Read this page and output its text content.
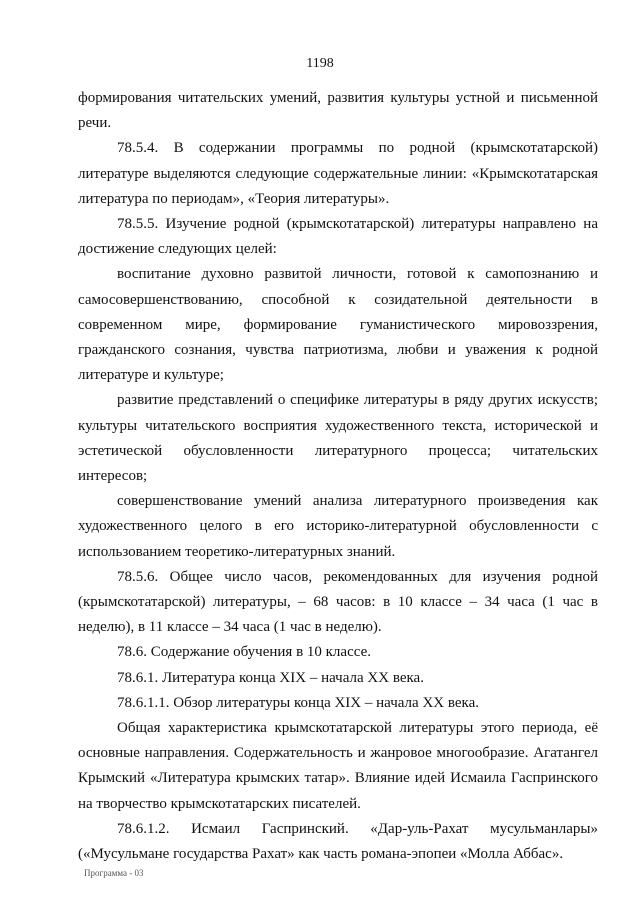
1198

формирования читательских умений, развития культуры устной и письменной речи.

78.5.4. В содержании программы по родной (крымскотатарской) литературе выделяются следующие содержательные линии: «Крымскотатарская литература по периодам», «Теория литературы».

78.5.5. Изучение родной (крымскотатарской) литературы направлено на достижение следующих целей:

воспитание духовно развитой личности, готовой к самопознанию и самосовершенствованию, способной к созидательной деятельности в современном мире, формирование гуманистического мировоззрения, гражданского сознания, чувства патриотизма, любви и уважения к родной литературе и культуре;

развитие представлений о специфике литературы в ряду других искусств; культуры читательского восприятия художественного текста, исторической и эстетической обусловленности литературного процесса; читательских интересов;

совершенствование умений анализа литературного произведения как художественного целого в его историко-литературной обусловленности с использованием теоретико-литературных знаний.

78.5.6. Общее число часов, рекомендованных для изучения родной (крымскотатарской) литературы, – 68 часов: в 10 классе – 34 часа (1 час в неделю), в 11 классе – 34 часа (1 час в неделю).

78.6. Содержание обучения в 10 классе.

78.6.1. Литература конца XIX – начала XX века.

78.6.1.1. Обзор литературы конца XIX – начала XX века.

Общая характеристика крымскотатарской литературы этого периода, её основные направления. Содержательность и жанровое многообразие. Агатангел Крымский «Литература крымских татар». Влияние идей Исмаила Гаспринского на творчество крымскотатарских писателей.

78.6.1.2. Исмаил Гаспринский. «Дар-уль-Рахат мусульманлары» («Мусульмане государства Рахат» как часть романа-эпопеи «Молла Аббас».

Программа - 03
